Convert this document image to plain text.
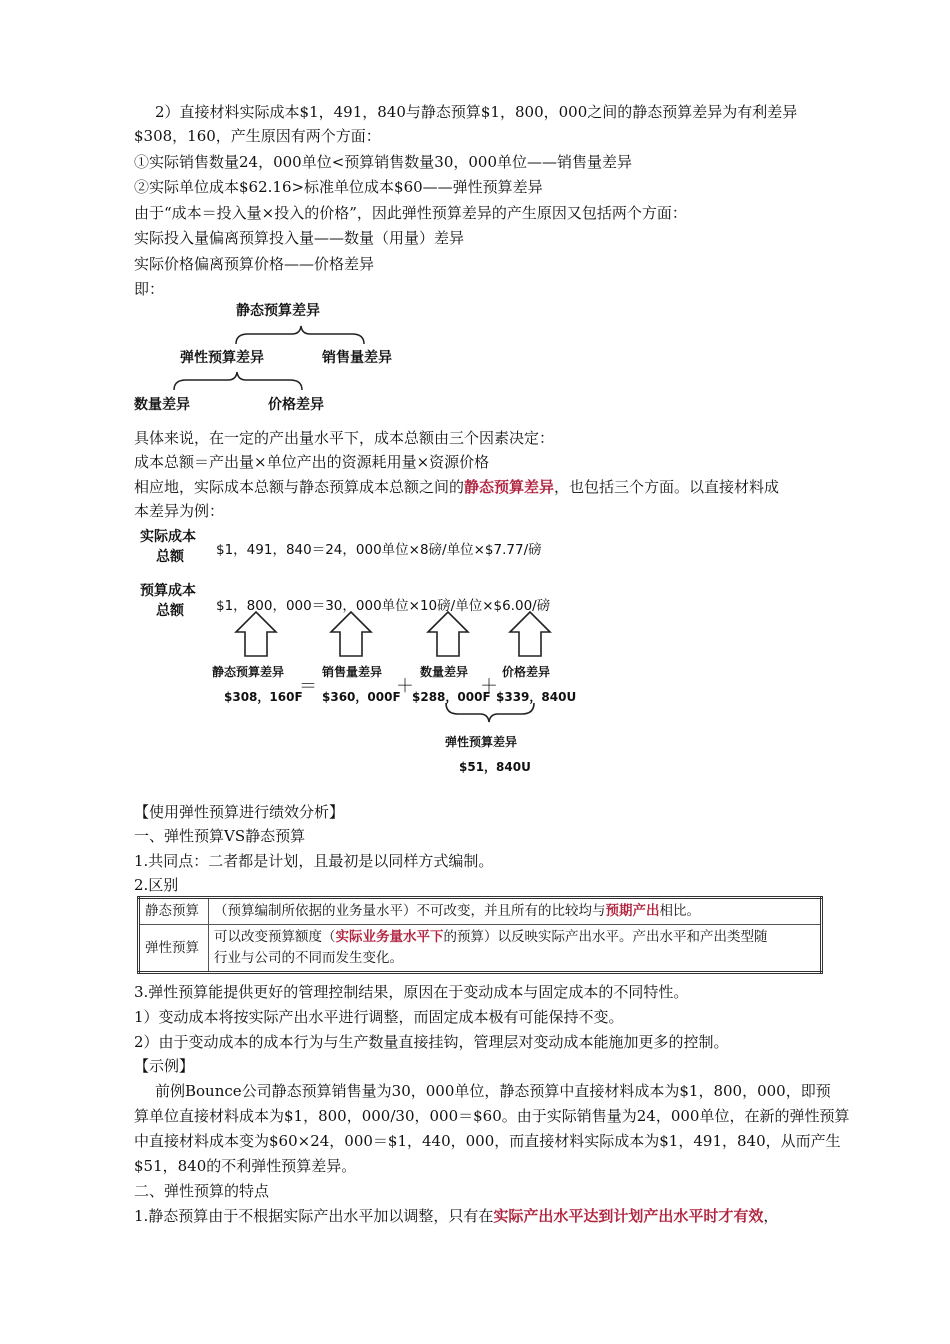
2）直接材料实际成本$1，491，840与静态预算$1，800，000之间的静态预算差异为有利差异
$308，160，产生原因有两个方面：
①实际销售数量24，000单位<预算销售数量30，000单位——销售量差异
②实际单位成本$62.16>标准单位成本$60——弹性预算差异
由于“成本＝投入量×投入的价格”，因此弹性预算差异的产生原因又包括两个方面：
实际投入量偏离预算投入量——数量（用量）差异
实际价格偏离预算价格——价格差异
即：
静态预算差异
弹性预算差异	销售量差异
数量差异	价格差异
具体来说，在一定的产出量水平下，成本总额由三个因素决定：
成本总额＝产出量×单位产出的资源耗用量×资源价格
相应地，实际成本总额与静态预算成本总额之间的静态预算差异，也包括三个方面。以直接材料成
本差异为例：
实际成本
总额 $1，491，840＝24，000单位×8磅/单位×$7.77/磅
预算成本
总额 $1，800，000＝30，000单位×10磅/单位×$6.00/磅
静态预算差异
$308，160F
＝
销售量差异
$360，000F
＋
数量差异
$288，000F
＋
价格差异
$339，840U
弹性预算差异
$51，840U
【使用弹性预算进行绩效分析】
一、弹性预算VS静态预算
1.共同点：二者都是计划，且最初是以同样方式编制。
2.区别
静态预算	（预算编制所依据的业务量水平）不可改变，并且所有的比较均与预期产出相比。
弹性预算	可以改变预算额度（实际业务量水平下的预算）以反映实际产出水平。产出水平和产出类型随
行业与公司的不同而发生变化。
3.弹性预算能提供更好的管理控制结果，原因在于变动成本与固定成本的不同特性。
1）变动成本将按实际产出水平进行调整，而固定成本极有可能保持不变。
2）由于变动成本的成本行为与生产数量直接挂钩，管理层对变动成本能施加更多的控制。
【示例】
前例Bounce公司静态预算销售量为30，000单位，静态预算中直接材料成本为$1，800，000，即预
算单位直接材料成本为$1，800，000/30，000＝$60。由于实际销售量为24，000单位，在新的弹性预算
中直接材料成本变为$60×24，000＝$1，440，000，而直接材料实际成本为$1，491，840，从而产生
$51，840的不利弹性预算差异。
二、弹性预算的特点
1.静态预算由于不根据实际产出水平加以调整，只有在实际产出水平达到计划产出水平时才有效，
